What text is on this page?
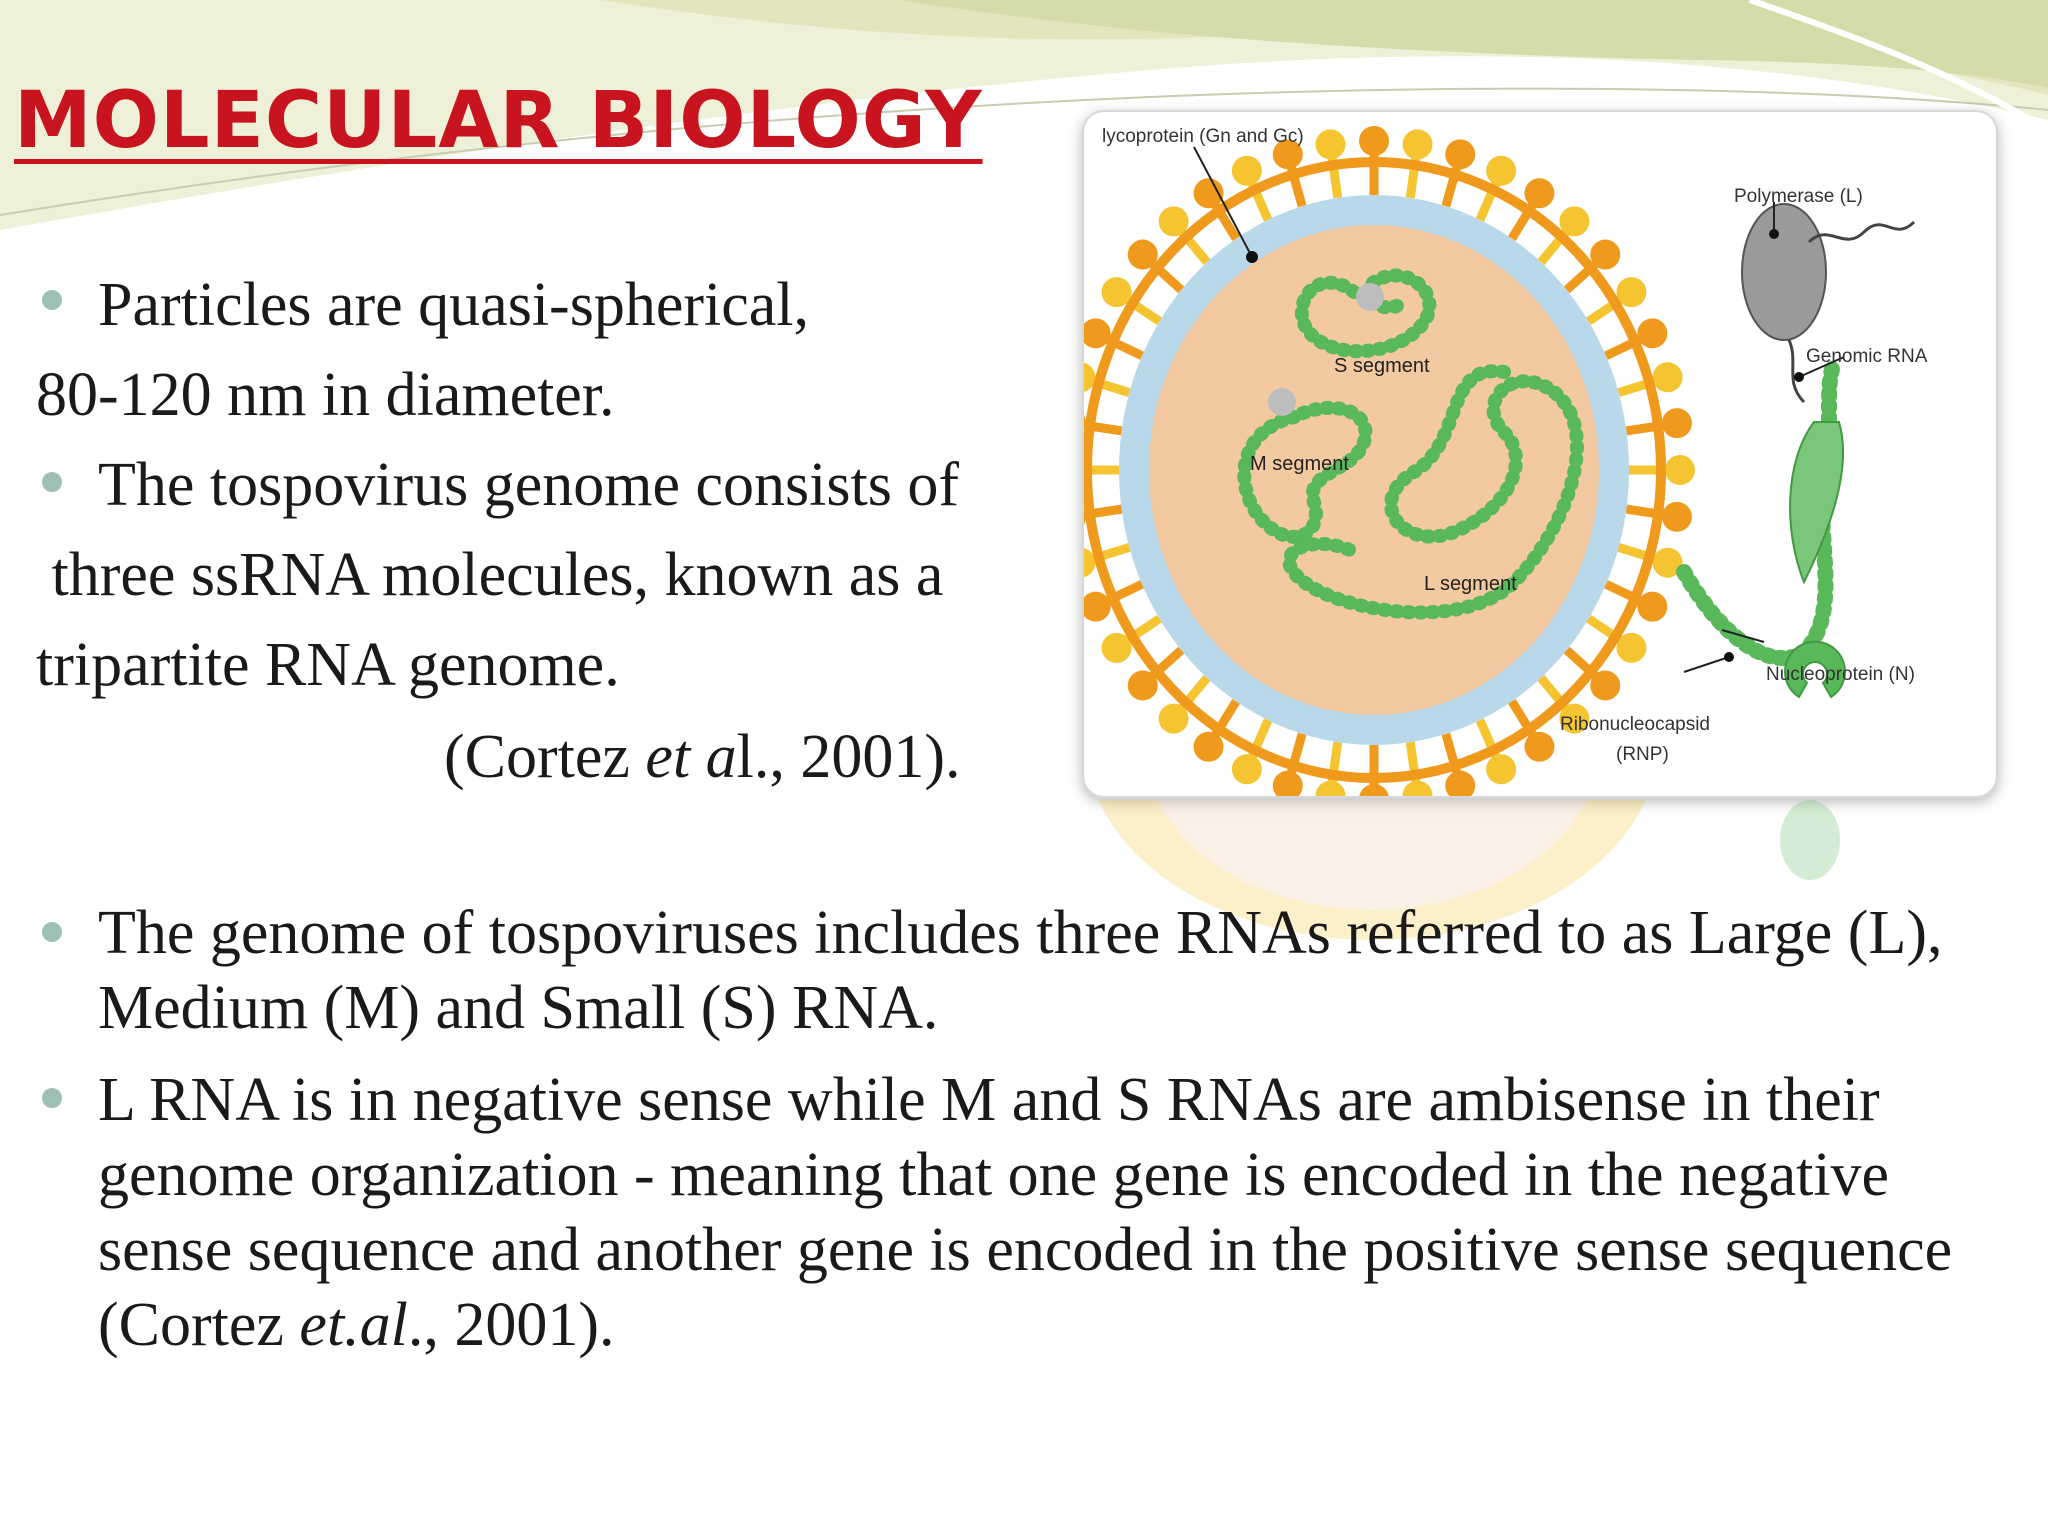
MOLECULAR BIOLOGY
Particles are quasi-spherical,
80-120 nm in diameter.
The tospovirus genome consists of
three ssRNA molecules, known as a
tripartite RNA genome.
(Cortez et al., 2001).
S segment
M segment
L segment
lycoprotein (Gn and Gc)
Polymerase (L)
Genomic RNA
Nucleoprotein (N)
Ribonucleocapsid
(RNP)
The genome of tospoviruses includes three RNAs referred to as Large (L), Medium (M) and Small (S) RNA.
L RNA is in negative sense while M and S RNAs are ambisense in their genome organization - meaning that one gene is encoded in the negative sense sequence and another gene is encoded in the positive sense sequence (Cortez et.al., 2001).
